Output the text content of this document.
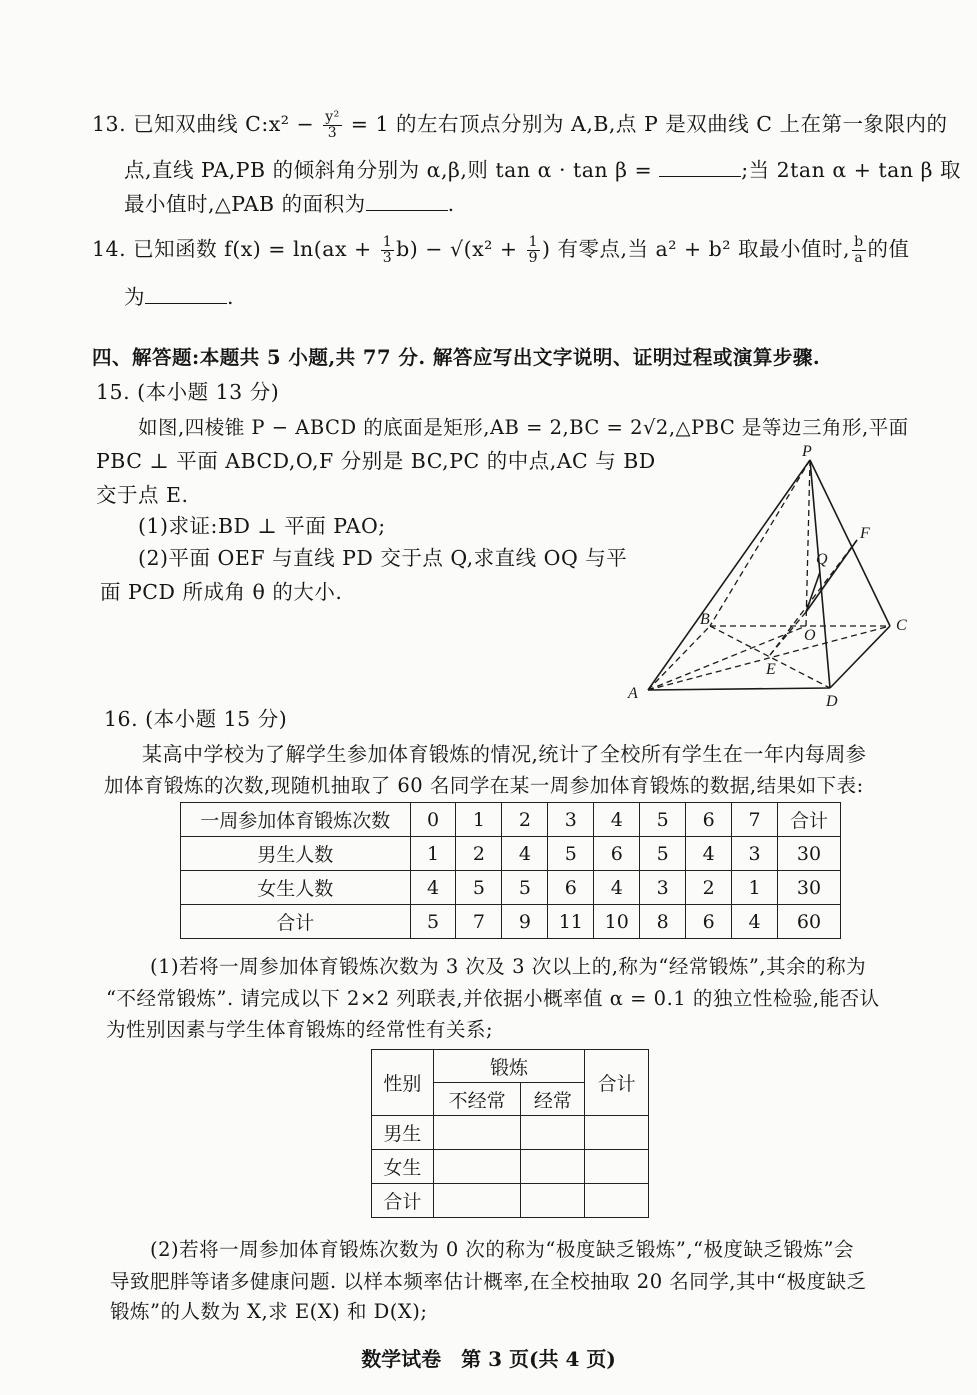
13. 已知双曲线 C:x² − $\frac{\text{y²}}{3} = 1$ 的左右顶点分别为 A,B,点 P 是双曲线 C 上在第一象限内的
点,直线 PA,PB 的倾斜角分别为 α,β,则 tan α · tan β =	;当 2tan α + tan β 取
最小值时,△PAB 的面积为	.
14. 已知函数 $f(x) = \ln(ax + \frac{1}{3} b) - √(x^2 + \frac{1}{9}$ ) 有零点,当 a² + b² 取最小值时, $\frac{b}{a}$ 的值
为	.
四、解答题:本题共 5 小题,共 77 分. 解答应写出文字说明、证明过程或演算步骤.
15. (本小题 13 分)
如图,四棱锥 P − ABCD 的底面是矩形,AB = 2,BC = 2√2,△PBC 是等边三角形,平面
PBC ⊥ 平面 ABCD,O,F 分别是 BC,PC 的中点,AC 与 BD
交于点 E.
(1)求证:BD ⊥ 平面 PAO;
(2)平面 OEF 与直线 PD 交于点 Q,求直线 OQ 与平
面 PCD 所成角 θ 的大小.
P
F
Q
B
O
C
E
A	D
16. (本小题 15 分)
某高中学校为了解学生参加体育锻炼的情况,统计了全校所有学生在一年内每周参
加体育锻炼的次数,现随机抽取了 60 名同学在某一周参加体育锻炼的数据,结果如下表:
一周参加体育锻炼次数	0	1	2	3	4	5	6	7	合计
男生人数	1	2	4	5	6	5	4	3	30
女生人数	4	5	5	6	4	3	2	1	30
合计	5	7	9	11	10	8	6	4	60
(1)若将一周参加体育锻炼次数为 3 次及 3 次以上的,称为“经常锻炼”,其余的称为
“不经常锻炼”. 请完成以下 2×2 列联表,并依据小概率值 α = 0.1 的独立性检验,能否认
为性别因素与学生体育锻炼的经常性有关系;
性别	锻炼		合计
	不经常	经常	
男生			
女生			
合计			
(2)若将一周参加体育锻炼次数为 0 次的称为“极度缺乏锻炼”,“极度缺乏锻炼”会
导致肥胖等诸多健康问题. 以样本频率估计概率,在全校抽取 20 名同学,其中“极度缺乏
锻炼”的人数为 X,求 E(X) 和 D(X);
数学试卷　第 3 页(共 4 页)
